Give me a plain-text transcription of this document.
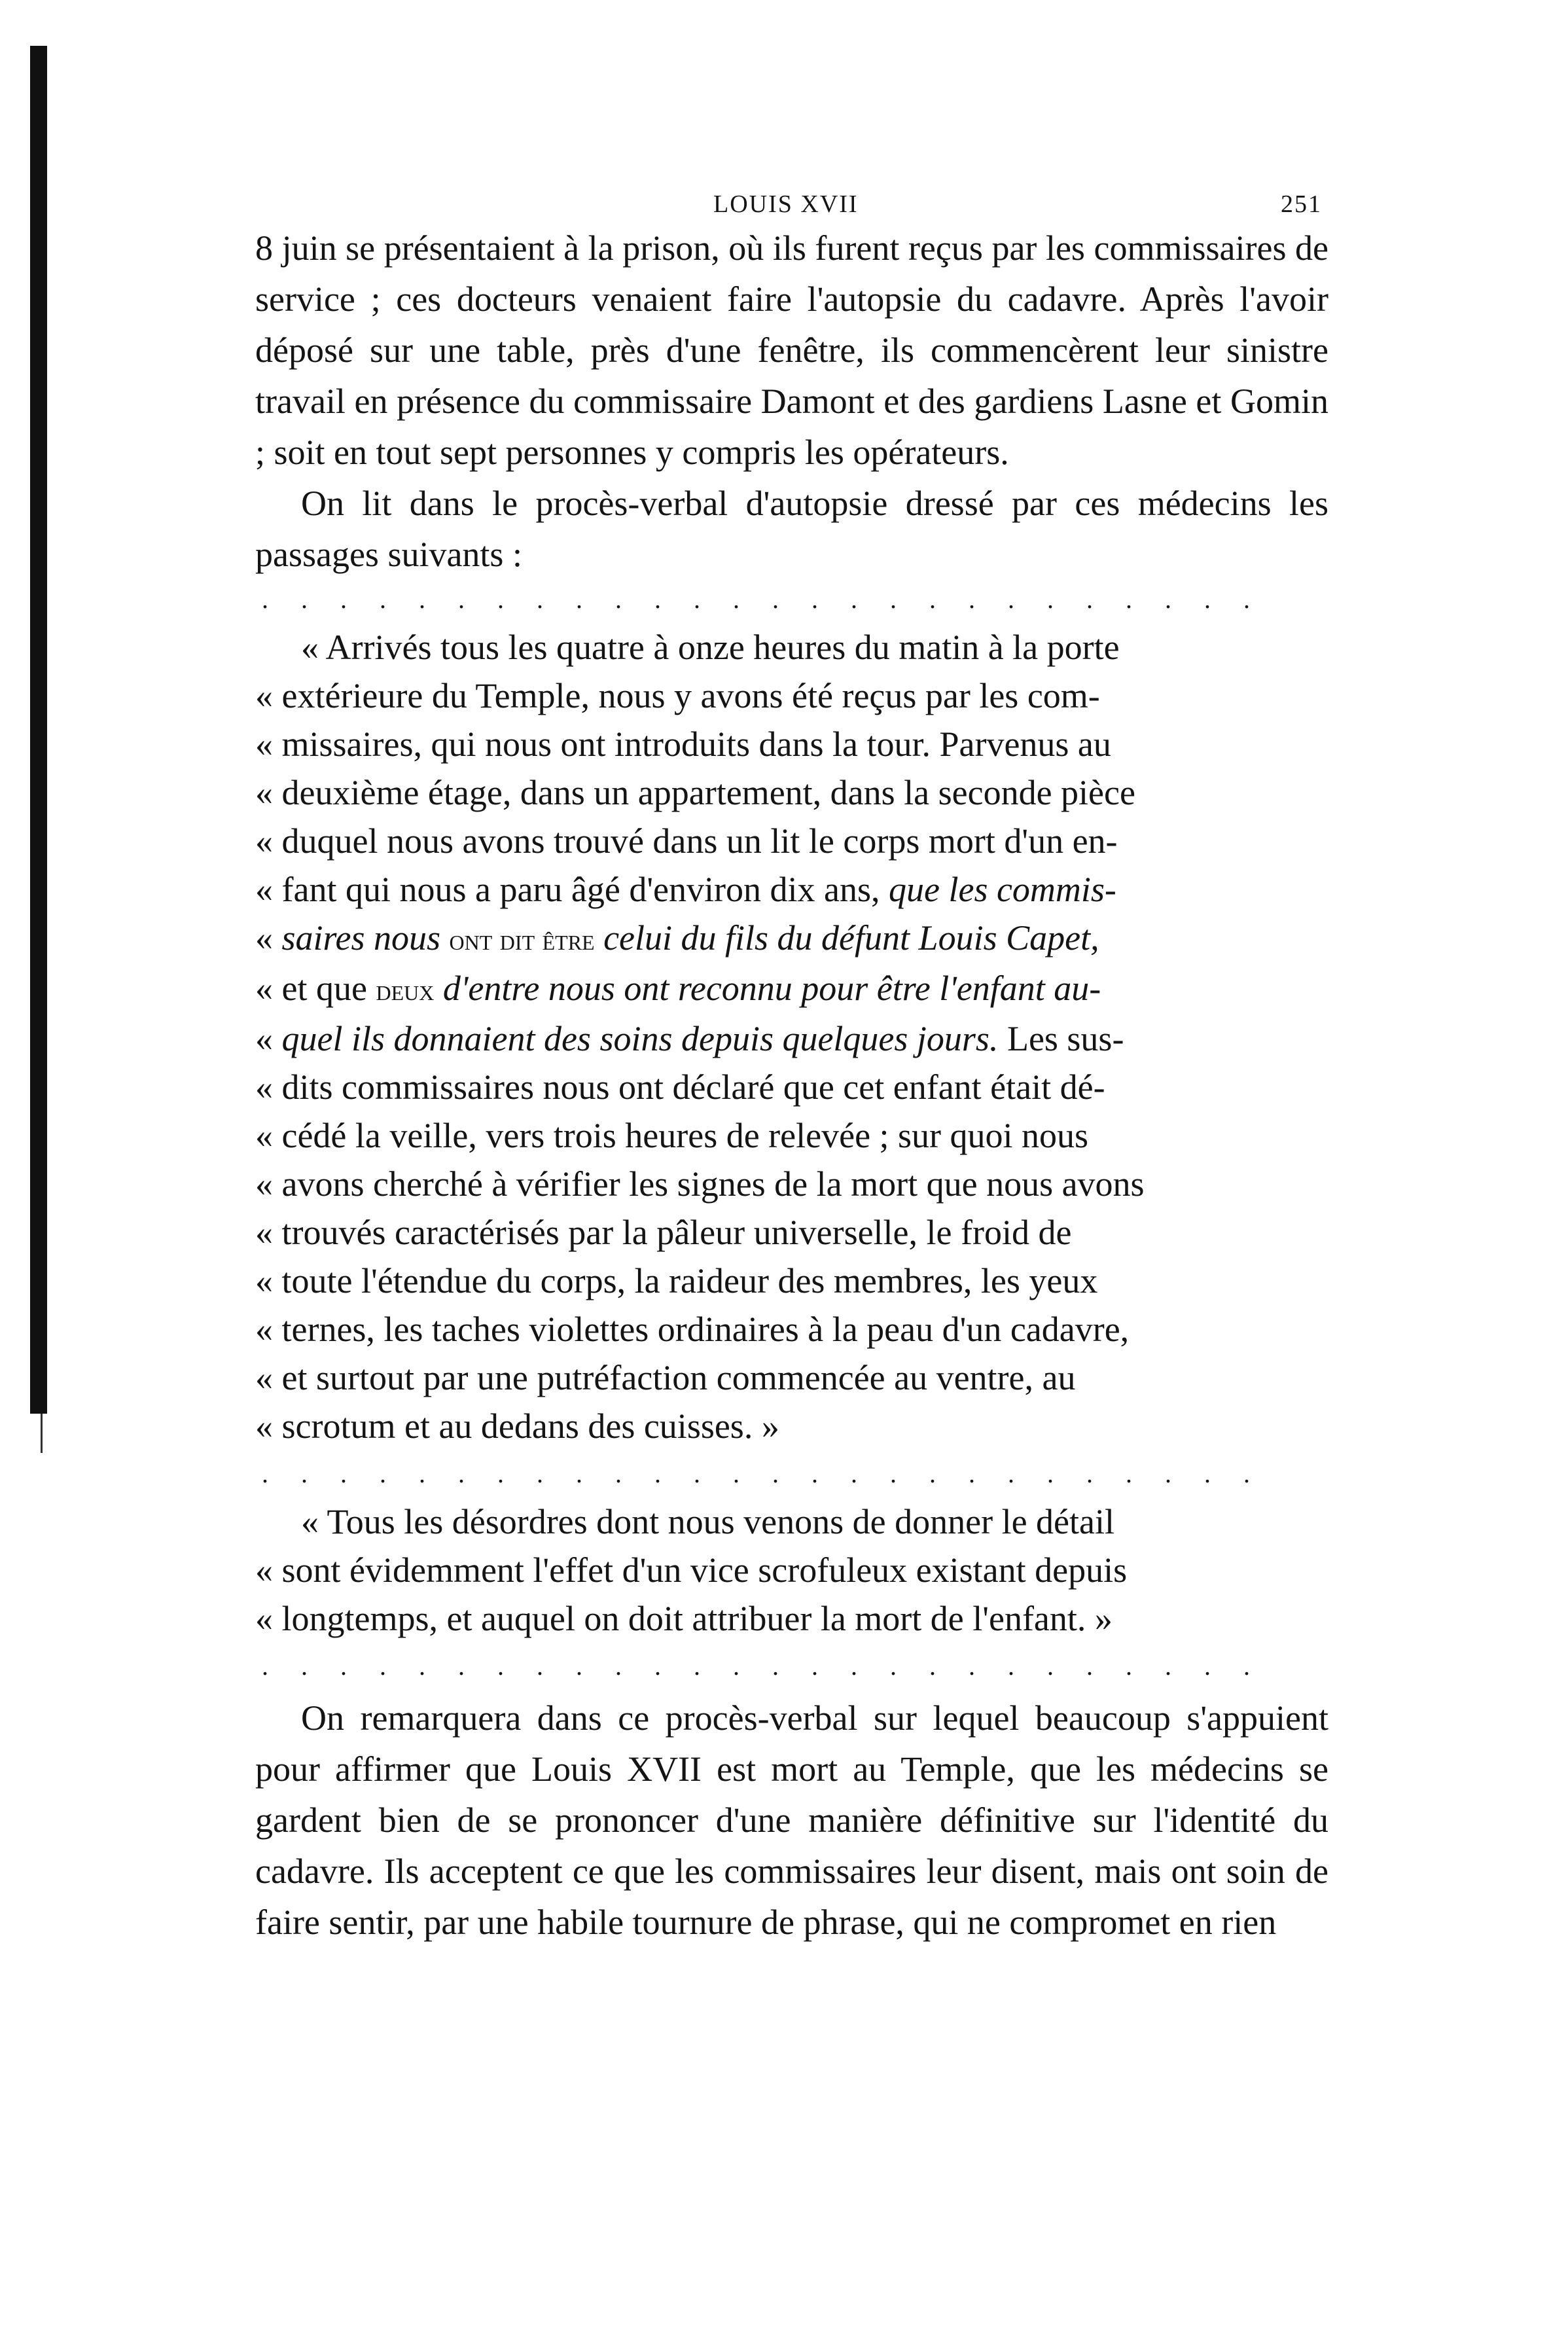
LOUIS XVII	251

8 juin se présentaient à la prison, où ils furent reçus par les commissaires de service ; ces docteurs venaient faire l'autopsie du cadavre. Après l'avoir déposé sur une table, près d'une fenêtre, ils commencèrent leur sinistre travail en présence du commissaire Damont et des gardiens Lasne et Gomin ; soit en tout sept personnes y compris les opérateurs.

On lit dans le procès-verbal d'autopsie dressé par ces médecins les passages suivants :

. . . . . . . . . . . . . . . . . . . . . . . . . .
« Arrivés tous les quatre à onze heures du matin à la porte
« extérieure du Temple, nous y avons été reçus par les com-
« missaires, qui nous ont introduits dans la tour. Parvenus au
« deuxième étage, dans un appartement, dans la seconde pièce
« duquel nous avons trouvé dans un lit le corps mort d'un en-
« fant qui nous a paru âgé d'environ dix ans, que les commis-
« saires nous ont dit être celui du fils du défunt Louis Capet,
« et que deux d'entre nous ont reconnu pour être l'enfant au-
« quel ils donnaient des soins depuis quelques jours. Les sus-
« dits commissaires nous ont déclaré que cet enfant était dé-
« cédé la veille, vers trois heures de relevée ; sur quoi nous
« avons cherché à vérifier les signes de la mort que nous avons
« trouvés caractérisés par la pâleur universelle, le froid de
« toute l'étendue du corps, la raideur des membres, les yeux
« ternes, les taches violettes ordinaires à la peau d'un cadavre,
« et surtout par une putréfaction commencée au ventre, au
« scrotum et au dedans des cuisses. »
. . . . . . . . . . . . . . . . . . . . . . . . . .
« Tous les désordres dont nous venons de donner le détail
« sont évidemment l'effet d'un vice scrofuleux existant depuis
« longtemps, et auquel on doit attribuer la mort de l'enfant. »
. . . . . . . . . . . . . . . . . . . . . . . . . .

On remarquera dans ce procès-verbal sur lequel beaucoup s'appuient pour affirmer que Louis XVII est mort au Temple, que les médecins se gardent bien de se prononcer d'une manière définitive sur l'identité du cadavre. Ils acceptent ce que les commissaires leur disent, mais ont soin de faire sentir, par une habile tournure de phrase, qui ne compromet en rien
